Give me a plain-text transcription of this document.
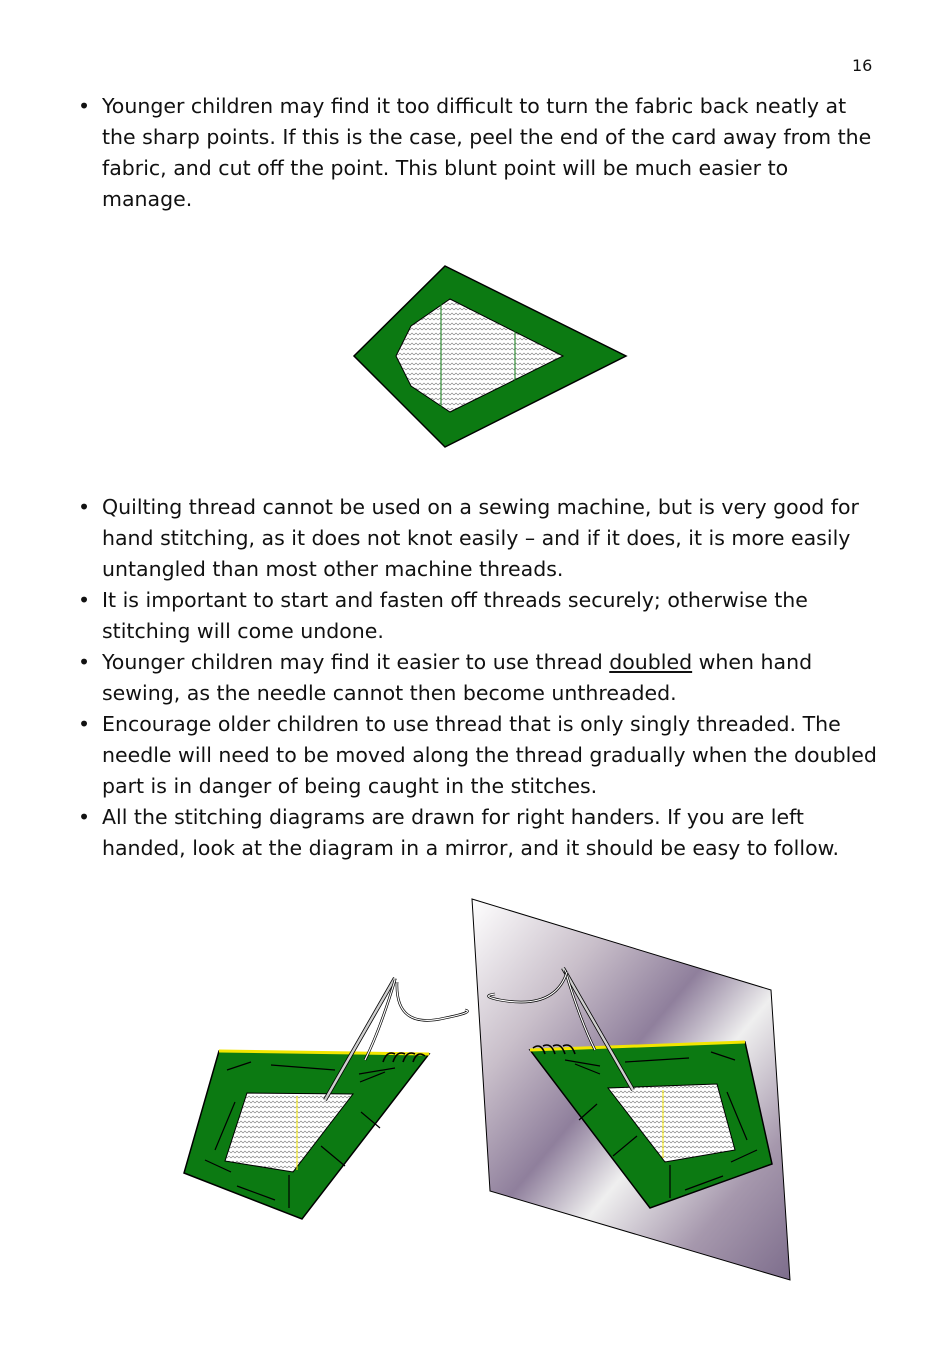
16
• Younger children may find it too difficult to turn the fabric back neatly at the sharp points. If this is the case, peel the end of the card away from the fabric, and cut off the point. This blunt point will be much easier to manage.
• Quilting thread cannot be used on a sewing machine, but is very good for hand stitching, as it does not knot easily – and if it does, it is more easily untangled than most other machine threads.
• It is important to start and fasten off threads securely; otherwise the stitching will come undone.
• Younger children may find it easier to use thread doubled when hand sewing, as the needle cannot then become unthreaded.
• Encourage older children to use thread that is only singly threaded. The needle will need to be moved along the thread gradually when the doubled part is in danger of being caught in the stitches.
• All the stitching diagrams are drawn for right handers. If you are left handed, look at the diagram in a mirror, and it should be easy to follow.
